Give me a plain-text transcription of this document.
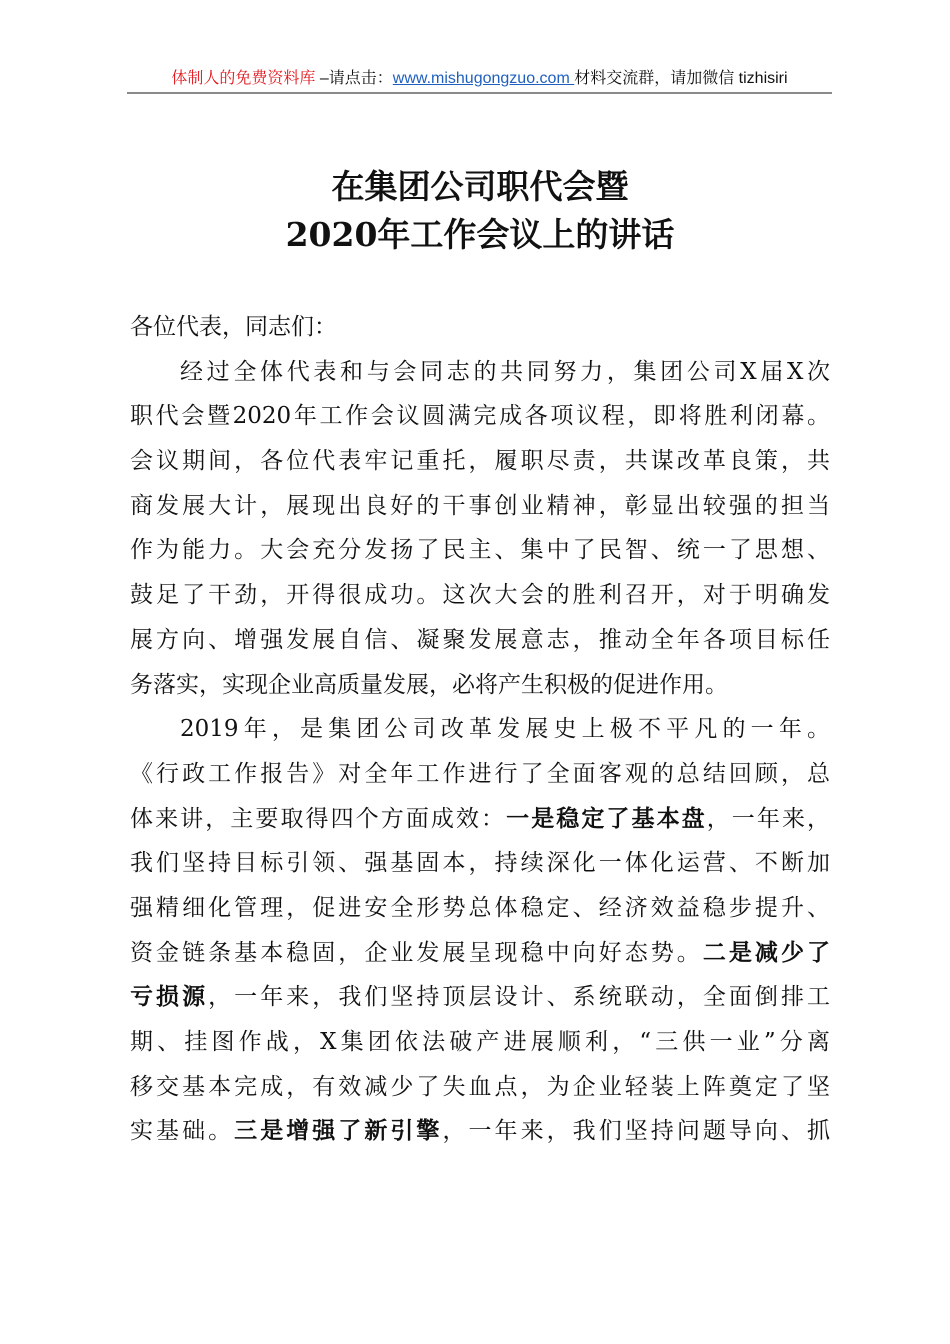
体制人的免费资料库 –请点击：www.mishugongzuo.com 材料交流群，请加微信 tizhisiri
在集团公司职代会暨
2020年工作会议上的讲话
各位代表，同志们：
经过全体代表和与会同志的共同努力，集团公司X届X次
职代会暨2020年工作会议圆满完成各项议程，即将胜利闭幕。
会议期间，各位代表牢记重托，履职尽责，共谋改革良策，共
商发展大计，展现出良好的干事创业精神，彰显出较强的担当
作为能力。大会充分发扬了民主、集中了民智、统一了思想、
鼓足了干劲，开得很成功。这次大会的胜利召开，对于明确发
展方向、增强发展自信、凝聚发展意志，推动全年各项目标任
务落实，实现企业高质量发展，必将产生积极的促进作用。
2019年，是集团公司改革发展史上极不平凡的一年。
《行政工作报告》对全年工作进行了全面客观的总结回顾，总
体来讲，主要取得四个方面成效：一是稳定了基本盘，一年来，
我们坚持目标引领、强基固本，持续深化一体化运营、不断加
强精细化管理，促进安全形势总体稳定、经济效益稳步提升、
资金链条基本稳固，企业发展呈现稳中向好态势。二是减少了
亏损源，一年来，我们坚持顶层设计、系统联动，全面倒排工
期、挂图作战，X集团依法破产进展顺利，“三供一业”分离
移交基本完成，有效减少了失血点，为企业轻装上阵奠定了坚
实基础。三是增强了新引擎，一年来，我们坚持问题导向、抓
